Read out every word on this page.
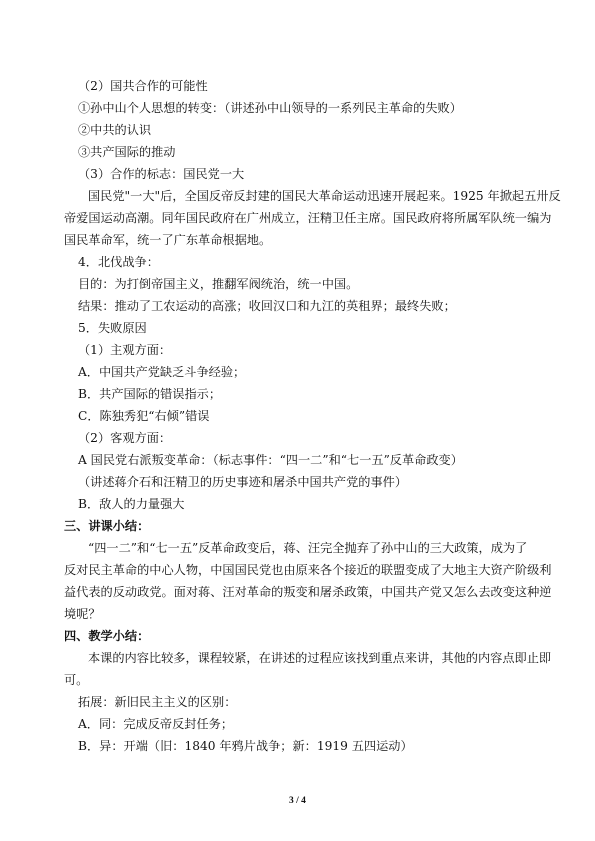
（2）国共合作的可能性
①孙中山个人思想的转变：（讲述孙中山领导的一系列民主革命的失败）
②中共的认识
③共产国际的推动
（3）合作的标志：国民党一大
国民党"一大"后，全国反帝反封建的国民大革命运动迅速开展起来。1925 年掀起五卅反
帝爱国运动高潮。同年国民政府在广州成立，汪精卫任主席。国民政府将所属军队统一编为
国民革命军，统一了广东革命根据地。
4．北伐战争：
目的：为打倒帝国主义，推翻军阀统治，统一中国。
结果：推动了工农运动的高涨；收回汉口和九江的英租界；最终失败；
5．失败原因
（1）主观方面：
A．中国共产党缺乏斗争经验；
B．共产国际的错误指示；
C．陈独秀犯“右倾”错误
（2）客观方面：
A 国民党右派叛变革命：（标志事件：“四一二”和“七一五”反革命政变）
（讲述蒋介石和汪精卫的历史事迹和屠杀中国共产党的事件）
B．敌人的力量强大
三、讲课小结：
“四一二”和“七一五”反革命政变后，蒋、汪完全抛弃了孙中山的三大政策，成为了
反对民主革命的中心人物，中国国民党也由原来各个接近的联盟变成了大地主大资产阶级利
益代表的反动政党。面对蒋、汪对革命的叛变和屠杀政策，中国共产党又怎么去改变这种逆
境呢？
四、教学小结：
本课的内容比较多，课程较紧，在讲述的过程应该找到重点来讲，其他的内容点即止即
可。
拓展：新旧民主主义的区别：
A．同：完成反帝反封任务；
B．异：开端（旧：1840 年鸦片战争；新：1919 五四运动）
3 / 4
